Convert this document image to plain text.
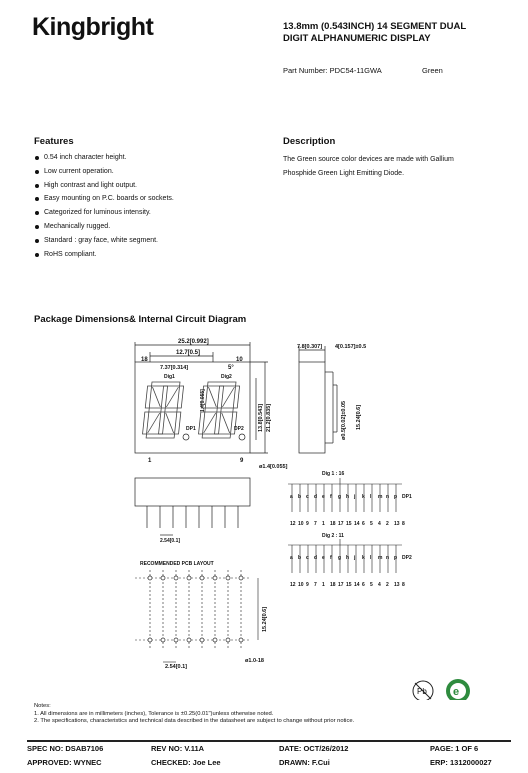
Kingbright	13.8mm (0.543INCH) 14 SEGMENT DUAL
DIGIT ALPHANUMERIC DISPLAY
Part Number: PDC54-11GWA	Green
Features
0.54 inch character height.
Low current operation.
High contrast and light output.
Easy mounting on P.C. boards or sockets.
Categorized for luminous intensity.
Mechanically rugged.
Standard : gray face, white segment.
RoHS compliant.
Description
The Green source color devices are made with Gallium
Phosphide Green Light Emitting Diode.
Package Dimensions& Internal Circuit Diagram
25.2[0.992]
12.7[0.5]
18	10
7.37[0.314]	5°
Dig1	Dig2
DP1	DP2
1	9
ø1.4[0.055]
2.54[0.1]
7.8[0.307] 4[0.157]±0.5
RECOMMENDED PCB LAYOUT
2.54[0.1]
ø1.0-18
Dig 1 : 16
Dig 2 : 11
13.8[0.543] 21.2[0.835]
1.4[0.055]
ø0.5[0.02]±0.05 15.24[0.6]
15.24[0.6]
a b c d e f g h j k l m n p DP1
12 10 9 7 1 18 17 15 14 6 5 4 2 13 8
a b c d e f g h j k l m n p DP2
12 10 9 7 1 18 17 15 14 6 5 4 2 13 8
Pb e
Notes:
1. All dimensions are in millimeters (inches), Tolerance is ±0.25(0.01")unless otherwise noted.
2. The specifications, characteristics and technical data described in the datasheet are subject to change without prior notice.
SPEC NO: DSAB7106	REV NO: V.11A	DATE: OCT/26/2012	PAGE: 1 OF 6
APPROVED: WYNEC	CHECKED: Joe Lee	DRAWN: F.Cui	ERP: 1312000027
